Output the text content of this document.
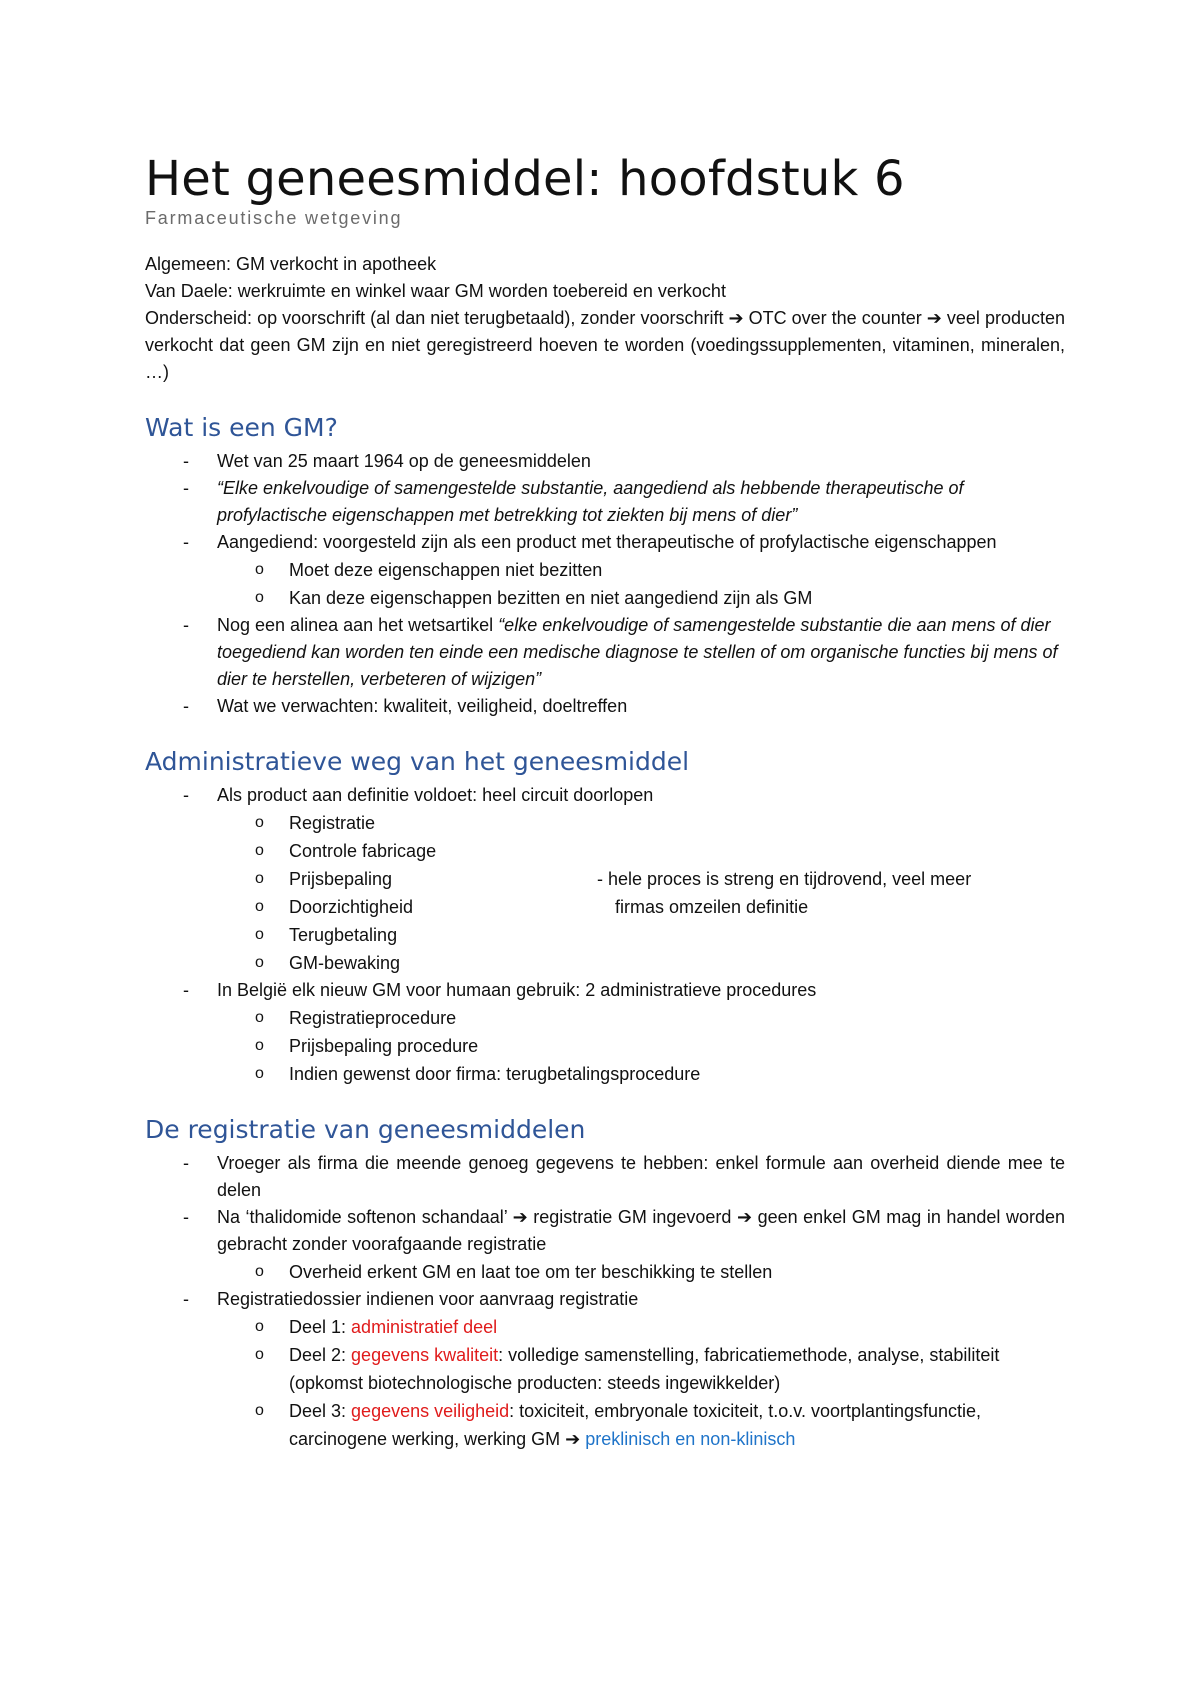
Het geneesmiddel: hoofdstuk 6
Farmaceutische wetgeving

Algemeen: GM verkocht in apotheek

Van Daele: werkruimte en winkel waar GM worden toebereid en verkocht

Onderscheid: op voorschrift (al dan niet terugbetaald), zonder voorschrift ➔ OTC over the counter ➔ veel producten verkocht dat geen GM zijn en niet geregistreerd hoeven te worden (voedingssupplementen, vitaminen, mineralen, …)

Wat is een GM?
- Wet van 25 maart 1964 op de geneesmiddelen
- “Elke enkelvoudige of samengestelde substantie, aangediend als hebbende therapeutische of profylactische eigenschappen met betrekking tot ziekten bij mens of dier”
- Aangediend: voorgesteld zijn als een product met therapeutische of profylactische eigenschappen
o Moet deze eigenschappen niet bezitten
o Kan deze eigenschappen bezitten en niet aangediend zijn als GM
- Nog een alinea aan het wetsartikel “elke enkelvoudige of samengestelde substantie die aan mens of dier toegediend kan worden ten einde een medische diagnose te stellen of om organische functies bij mens of dier te herstellen, verbeteren of wijzigen”
- Wat we verwachten: kwaliteit, veiligheid, doeltreffen
Administratieve weg van het geneesmiddel
- Als product aan definitie voldoet: heel circuit doorlopen
o Registratie
o Controle fabricage
o Prijsbepaling
o Doorzichtigheid
o Terugbetaling
o GM-bewaking
- hele proces is streng en tijdrovend, veel meer
firmas omzeilen definitie
- In België elk nieuw GM voor humaan gebruik: 2 administratieve procedures
o Registratieprocedure
o Prijsbepaling procedure
o Indien gewenst door firma: terugbetalingsprocedure
De registratie van geneesmiddelen
- Vroeger als firma die meende genoeg gegevens te hebben: enkel formule aan overheid diende mee te delen
- Na ‘thalidomide softenon schandaal’ ➔ registratie GM ingevoerd ➔ geen enkel GM mag in handel worden gebracht zonder voorafgaande registratie
o Overheid erkent GM en laat toe om ter beschikking te stellen
- Registratiedossier indienen voor aanvraag registratie
o Deel 1: administratief deel
o Deel 2: gegevens kwaliteit: volledige samenstelling, fabricatiemethode, analyse, stabiliteit (opkomst biotechnologische producten: steeds ingewikkelder)
o Deel 3: gegevens veiligheid: toxiciteit, embryonale toxiciteit, t.o.v. voortplantingsfunctie, carcinogene werking, werking GM ➔ preklinisch en non-klinisch
